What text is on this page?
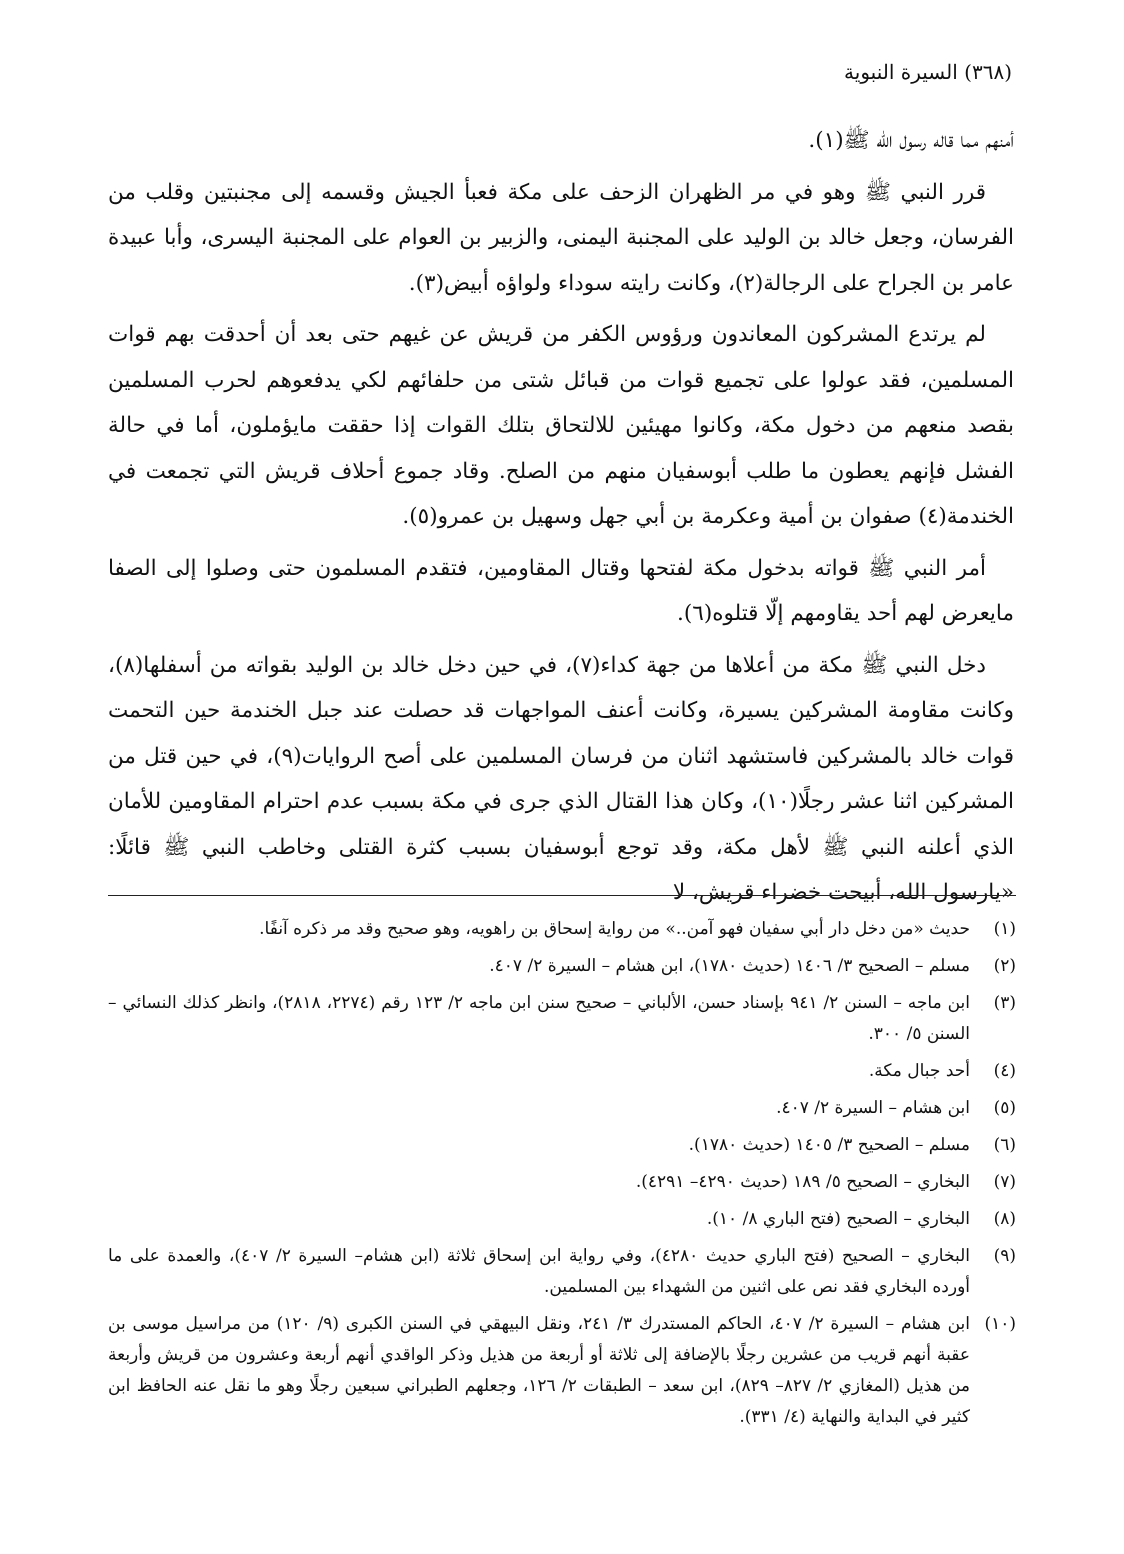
(٣٦٨) السيرة النبوية

أمنهم مما قاله رسول الله ﷺ(١).

قرر النبي ﷺ وهو في مر الظهران الزحف على مكة فعبأ الجيش وقسمه إلى مجنبتين وقلب من الفرسان، وجعل خالد بن الوليد على المجنبة اليمنى، والزبير بن العوام على المجنبة اليسرى، وأبا عبيدة عامر بن الجراح على الرجالة(٢)، وكانت رايته سوداء ولواؤه أبيض(٣).

لم يرتدع المشركون المعاندون ورؤوس الكفر من قريش عن غيهم حتى بعد أن أحدقت بهم قوات المسلمين، فقد عولوا على تجميع قوات من قبائل شتى من حلفائهم لكي يدفعوهم لحرب المسلمين بقصد منعهم من دخول مكة، وكانوا مهيئين للالتحاق بتلك القوات إذا حققت مايؤملون، أما في حالة الفشل فإنهم يعطون ما طلب أبوسفيان منهم من الصلح. وقاد جموع أحلاف قريش التي تجمعت في الخندمة(٤) صفوان بن أمية وعكرمة بن أبي جهل وسهيل بن عمرو(٥).

أمر النبي ﷺ قواته بدخول مكة لفتحها وقتال المقاومين، فتقدم المسلمون حتى وصلوا إلى الصفا مايعرض لهم أحد يقاومهم إلّا قتلوه(٦).

دخل النبي ﷺ مكة من أعلاها من جهة كداء(٧)، في حين دخل خالد بن الوليد بقواته من أسفلها(٨)، وكانت مقاومة المشركين يسيرة، وكانت أعنف المواجهات قد حصلت عند جبل الخندمة حين التحمت قوات خالد بالمشركين فاستشهد اثنان من فرسان المسلمين على أصح الروايات(٩)، في حين قتل من المشركين اثنا عشر رجلًا(١٠)، وكان هذا القتال الذي جرى في مكة بسبب عدم احترام المقاومين للأمان الذي أعلنه النبي ﷺ لأهل مكة، وقد توجع أبوسفيان بسبب كثرة القتلى وخاطب النبي ﷺ قائلًا: «يارسول الله، أبيحت خضراء قريش، لا

(١)
حديث «من دخل دار أبي سفيان فهو آمن..» من رواية إسحاق بن راهويه، وهو صحيح وقد مر ذكره آنفًا.
(٢)
مسلم – الصحيح ٣/ ١٤٠٦ (حديث ١٧٨٠)، ابن هشام – السيرة ٢/ ٤٠٧.
(٣)
ابن ماجه – السنن ٢/ ٩٤١ بإسناد حسن، الألباني – صحيح سنن ابن ماجه ٢/ ١٢٣ رقم (٢٢٧٤، ٢٨١٨)، وانظر كذلك النسائي – السنن ٥/ ٣٠٠.
(٤)
أحد جبال مكة.
(٥)
ابن هشام – السيرة ٢/ ٤٠٧.
(٦)
مسلم – الصحيح ٣/ ١٤٠٥ (حديث ١٧٨٠).
(٧)
البخاري – الصحيح ٥/ ١٨٩ (حديث ٤٢٩٠– ٤٢٩١).
(٨)
البخاري – الصحيح (فتح الباري ٨/ ١٠).
(٩)
البخاري – الصحيح (فتح الباري حديث ٤٢٨٠)، وفي رواية ابن إسحاق ثلاثة (ابن هشام– السيرة ٢/ ٤٠٧)، والعمدة على ما أورده البخاري فقد نص على اثنين من الشهداء بين المسلمين.
(١٠)
ابن هشام – السيرة ٢/ ٤٠٧، الحاكم المستدرك ٣/ ٢٤١، ونقل البيهقي في السنن الكبرى (٩/ ١٢٠) من مراسيل موسى بن عقبة أنهم قريب من عشرين رجلًا بالإضافة إلى ثلاثة أو أربعة من هذيل وذكر الواقدي أنهم أربعة وعشرون من قريش وأربعة من هذيل (المغازي ٢/ ٨٢٧– ٨٢٩)، ابن سعد – الطبقات ٢/ ١٢٦، وجعلهم الطبراني سبعين رجلًا وهو ما نقل عنه الحافظ ابن كثير في البداية والنهاية (٤/ ٣٣١).
